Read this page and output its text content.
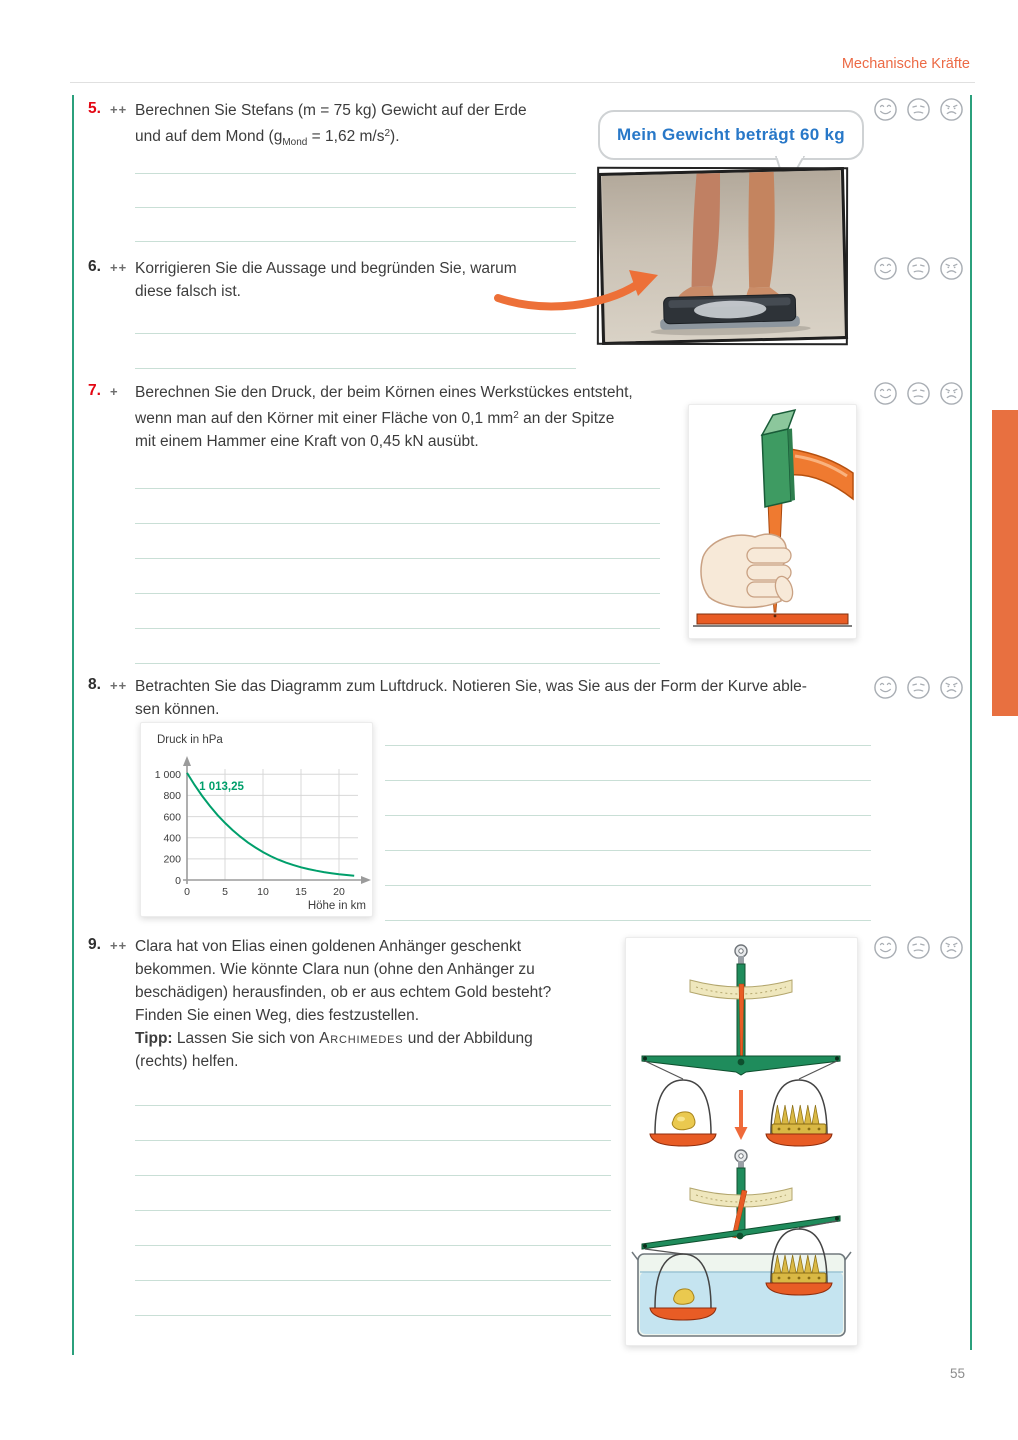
Mechanische Kräfte
5. ++ Berechnen Sie Stefans (m = 75 kg) Gewicht auf der Erde
und auf dem Mond ($g_{Mond} = 1,62$ $m/s^2$).	Mein Gewicht beträgt 60 kg
6. ++ Korrigieren Sie die Aussage und begründen Sie, warum
diese falsch ist.
7. + Berechnen Sie den Druck, der beim Körnen eines Werkstückes entsteht,
wenn man auf den Körner mit einer Fläche von 0,1 $mm^2$ an der Spitze
mit einem Hammer eine Kraft von 0,45 kN ausübt.
8. ++ Betrachten Sie das Diagramm zum Luftdruck. Notieren Sie, was Sie aus der Form der Kurve able-
sen können.
0
200
400
600
800
1 000
0	5	10	15	20
Druck in hPa
Höhe in km
1 013,25
9. ++ Clara hat von Elias einen goldenen Anhänger geschenkt
bekommen. Wie könnte Clara nun (ohne den Anhänger zu
beschädigen) herausfinden, ob er aus echtem Gold besteht?
Finden Sie einen Weg, dies festzustellen.
Tipp: Lassen Sie sich von Archimedes und der Abbildung
(rechts) helfen.
55
